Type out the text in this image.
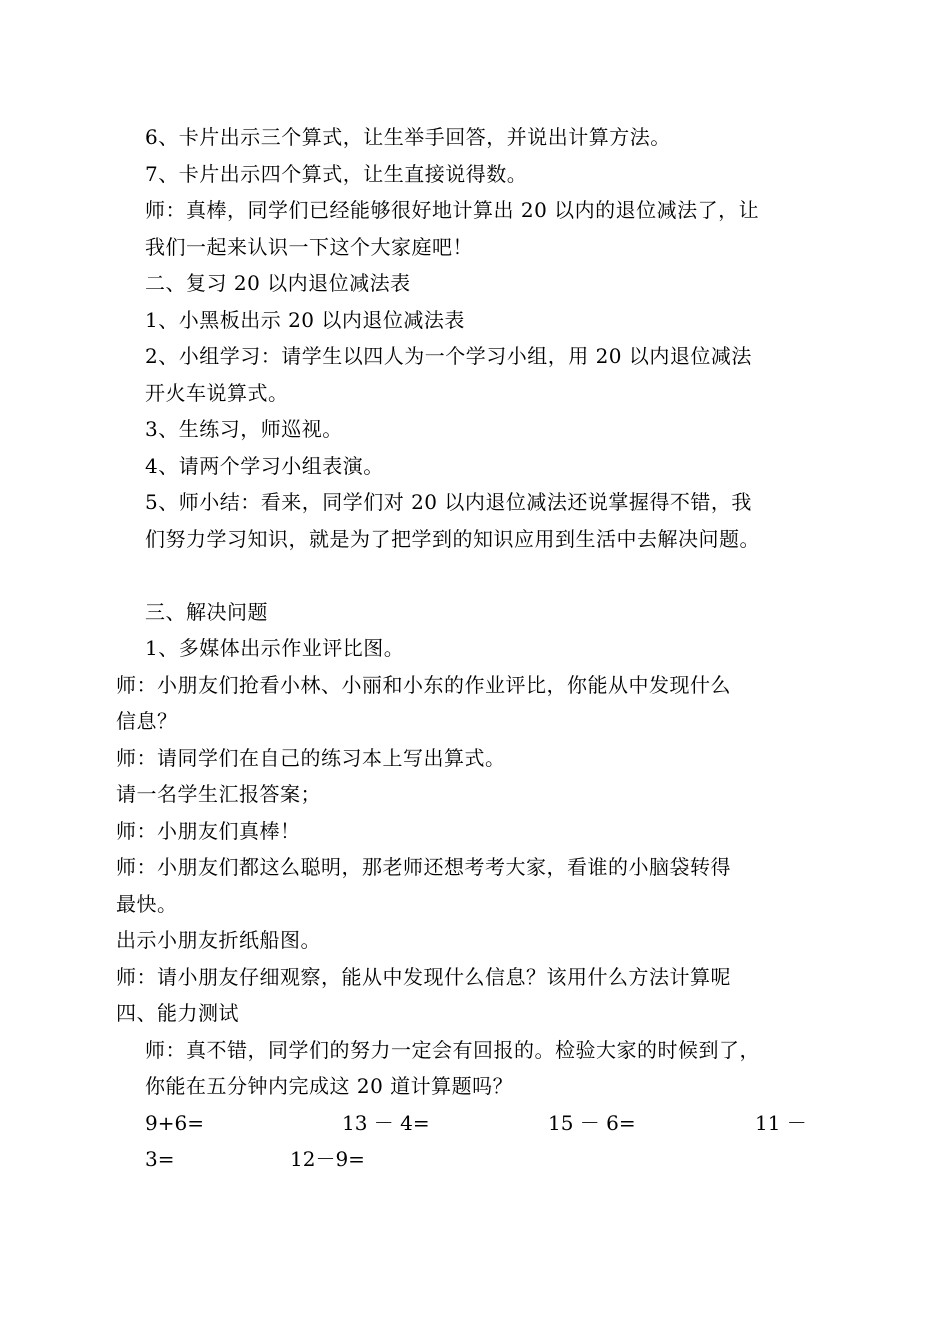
6、卡片出示三个算式，让生举手回答，并说出计算方法。
7、卡片出示四个算式，让生直接说得数。
师：真棒，同学们已经能够很好地计算出 20 以内的退位减法了，让
我们一起来认识一下这个大家庭吧！
二、复习 20 以内退位减法表
1、小黑板出示 20 以内退位减法表
2、小组学习：请学生以四人为一个学习小组，用 20 以内退位减法
开火车说算式。
3、生练习，师巡视。
4、请两个学习小组表演。
5、师小结：看来，同学们对 20 以内退位减法还说掌握得不错，我
们努力学习知识，就是为了把学到的知识应用到生活中去解决问题。
三、解决问题
1、多媒体出示作业评比图。
师：小朋友们抢看小林、小丽和小东的作业评比，你能从中发现什么
信息？
师：请同学们在自己的练习本上写出算式。
请一名学生汇报答案；
师：小朋友们真棒！
师：小朋友们都这么聪明，那老师还想考考大家，看谁的小脑袋转得
最快。
出示小朋友折纸船图。
师：请小朋友仔细观察，能从中发现什么信息？该用什么方法计算呢
四、能力测试
师：真不错，同学们的努力一定会有回报的。检验大家的时候到了，
你能在五分钟内完成这 20 道计算题吗？
9+6=	13 － 4=	15 － 6=	11 －
3=	12－9=
